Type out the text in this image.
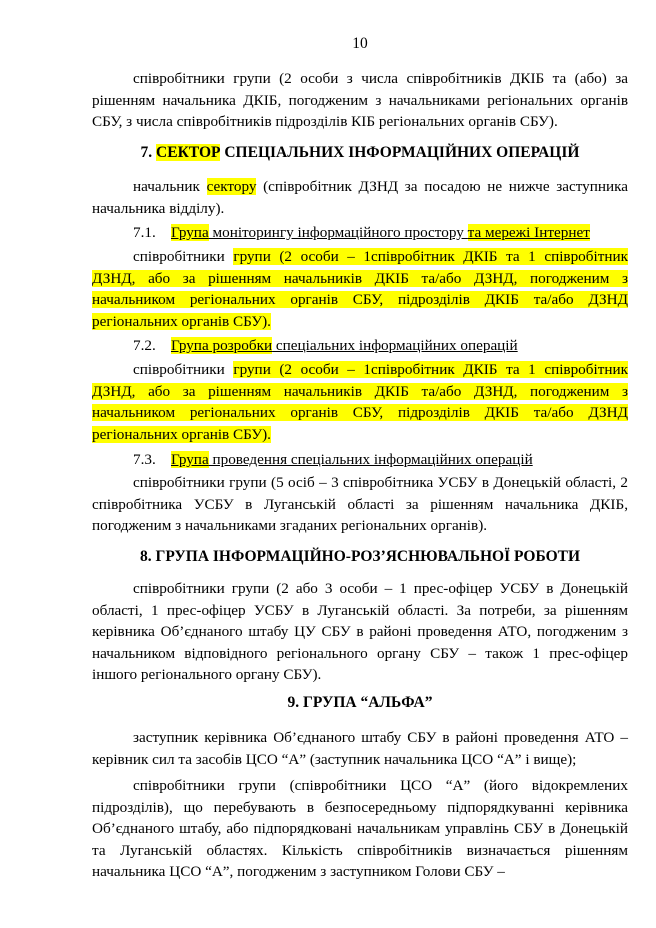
10

співробітники групи (2 особи з числа співробітників ДКІБ та (або) за рішенням начальника ДКІБ, погодженим з начальниками регіональних органів СБУ, з числа співробітників підрозділів КІБ регіональних органів СБУ).

7. СЕКТОР СПЕЦІАЛЬНИХ ІНФОРМАЦІЙНИХ ОПЕРАЦІЙ

начальник сектору (співробітник ДЗНД за посадою не нижче заступника начальника відділу).

7.1. Група моніторингу інформаційного простору та мережі Інтернет

співробітники групи (2 особи – 1співробітник ДКІБ та 1 співробітник ДЗНД, або за рішенням начальників ДКІБ та/або ДЗНД, погодженим з начальником регіональних органів СБУ, підрозділів ДКІБ та/або ДЗНД регіональних органів СБУ).

7.2. Група розробки спеціальних інформаційних операцій

співробітники групи (2 особи – 1співробітник ДКІБ та 1 співробітник ДЗНД, або за рішенням начальників ДКІБ та/або ДЗНД, погодженим з начальником регіональних органів СБУ, підрозділів ДКІБ та/або ДЗНД регіональних органів СБУ).

7.3. Група проведення спеціальних інформаційних операцій

співробітники групи (5 осіб – 3 співробітника УСБУ в Донецькій області, 2 співробітника УСБУ в Луганській області за рішенням начальника ДКІБ, погодженим з начальниками згаданих регіональних органів).

8. ГРУПА ІНФОРМАЦІЙНО-РОЗ’ЯСНЮВАЛЬНОЇ РОБОТИ

співробітники групи (2 або 3 особи – 1 прес-офіцер УСБУ в Донецькій області, 1 прес-офіцер УСБУ в Луганській області. За потреби, за рішенням керівника Об’єднаного штабу ЦУ СБУ в районі проведення АТО, погодженим з начальником відповідного регіонального органу СБУ – також 1 прес-офіцер іншого регіонального органу СБУ).

9. ГРУПА “АЛЬФА”

заступник керівника Об’єднаного штабу СБУ в районі проведення АТО – керівник сил та засобів ЦСО “А” (заступник начальника ЦСО “А” і вище);

співробітники групи (співробітники ЦСО “А” (його відокремлених підрозділів), що перебувають в безпосередньому підпорядкуванні керівника Об’єднаного штабу, або підпорядковані начальникам управлінь СБУ в Донецькій та Луганській областях. Кількість співробітників визначається рішенням начальника ЦСО “А”, погодженим з заступником Голови СБУ –
